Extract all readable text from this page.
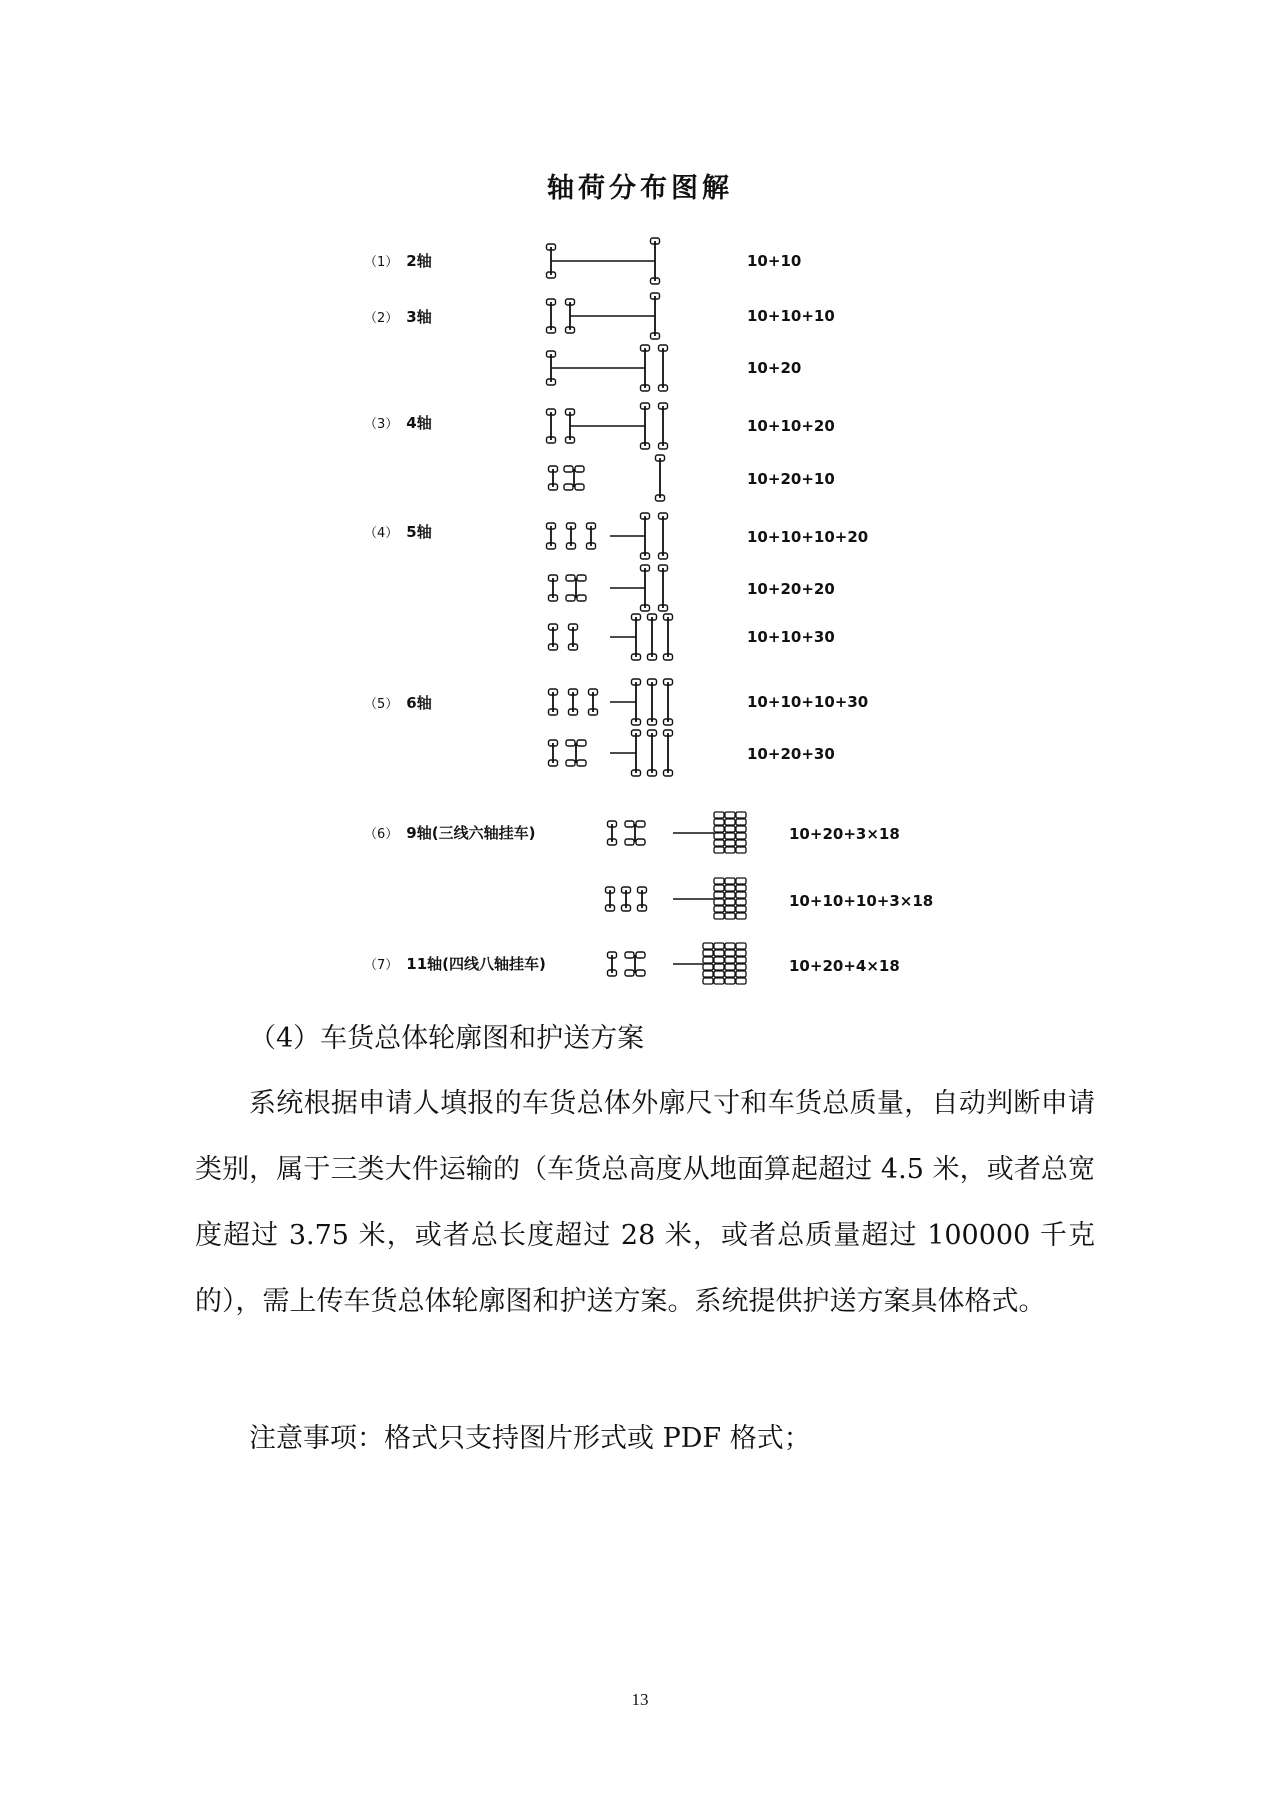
轴荷分布图解
（1） 2轴
（2） 3轴
（3） 4轴
（4） 5轴
（5） 6轴
（6） 9轴(三线六轴挂车)
（7） 11轴(四线八轴挂车)
10+10
10+10+10
10+20
10+10+20
10+20+10
10+10+10+20
10+20+20
10+10+30
10+10+10+30
10+20+30
10+20+3×18
10+10+10+3×18
10+20+4×18

（4）车货总体轮廓图和护送方案

系统根据申请人填报的车货总体外廓尺寸和车货总质量，自动判断申请类别，属于三类大件运输的（车货总高度从地面算起超过 4.5 米，或者总宽度超过 3.75 米，或者总长度超过 28 米，或者总质量超过 100000 千克的），需上传车货总体轮廓图和护送方案。系统提供护送方案具体格式。

注意事项：格式只支持图片形式或 PDF 格式；

13
